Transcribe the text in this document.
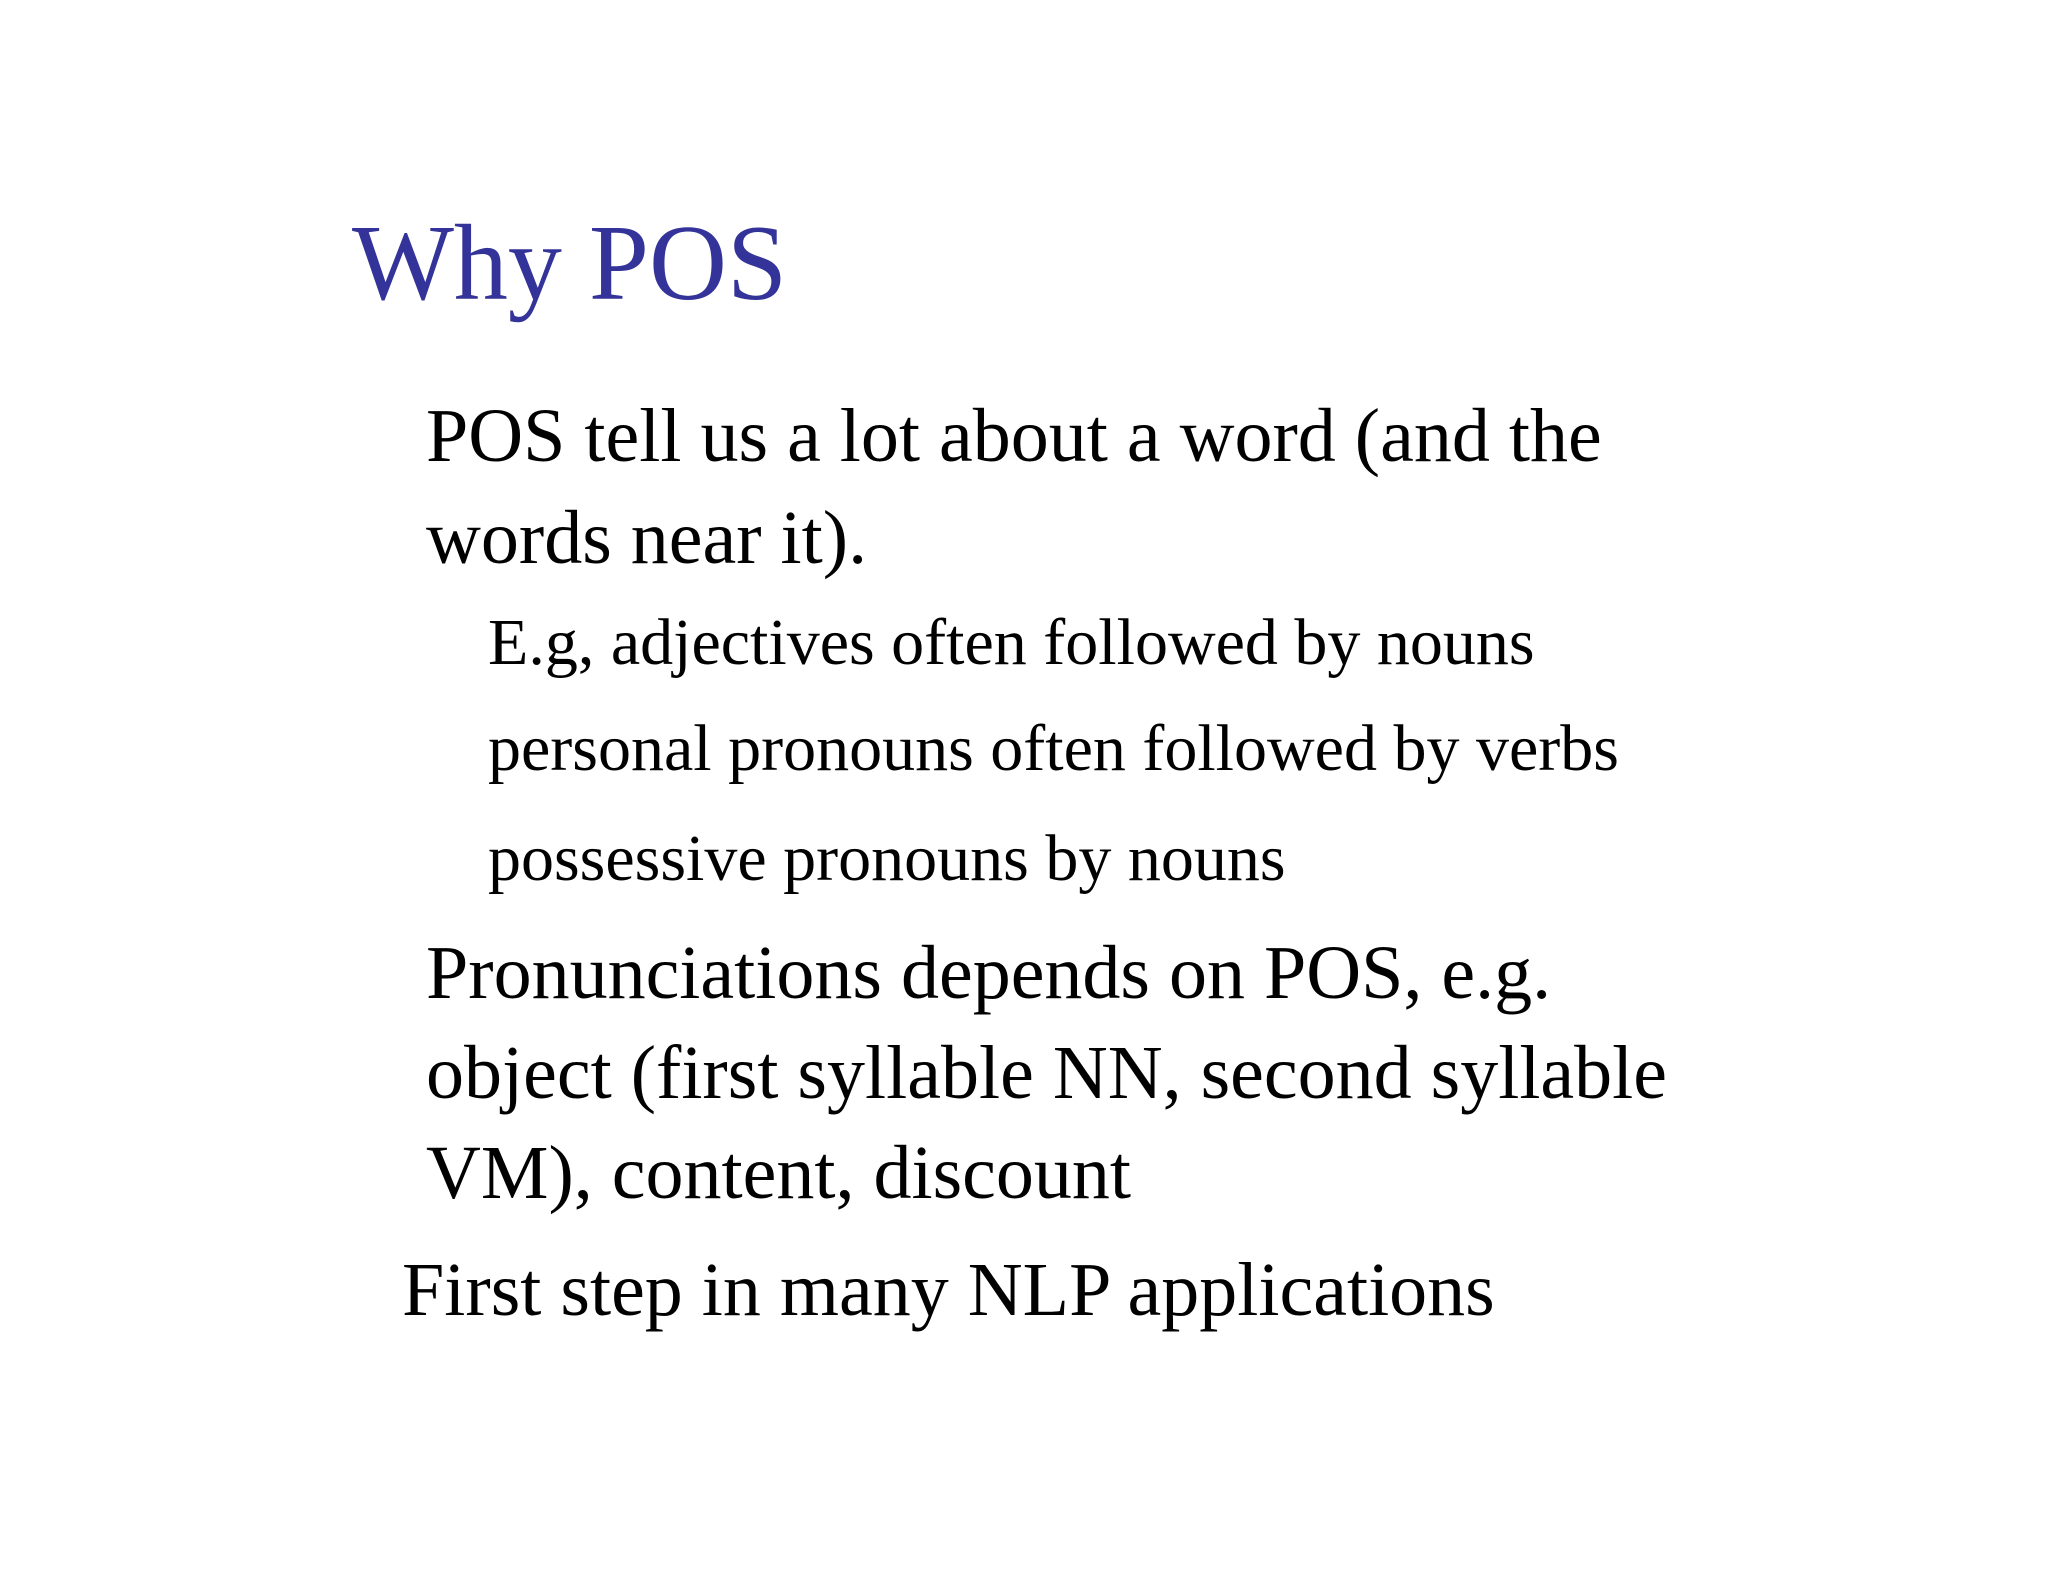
Why POS
POS tell us a lot about a word (and the
words near it).
E.g, adjectives often followed by nouns
personal pronouns often followed by verbs
possessive pronouns by nouns
Pronunciations depends on POS, e.g.
object (first syllable NN, second syllable
VM), content, discount
First step in many NLP applications
